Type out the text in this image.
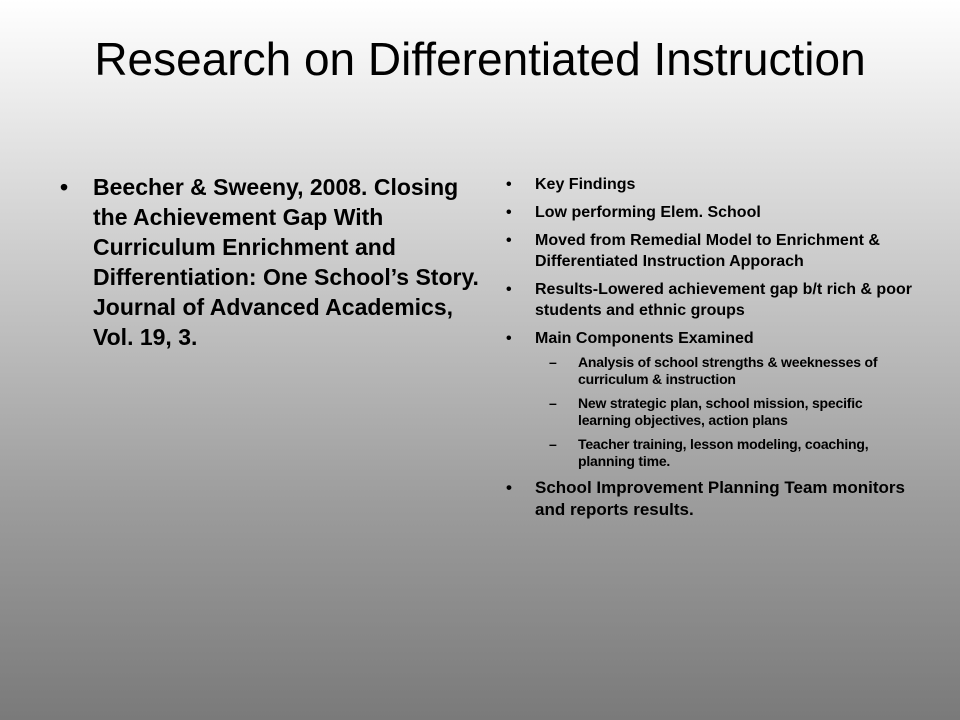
Research on Differentiated Instruction
• Beecher & Sweeny, 2008. Closing the Achievement Gap With Curriculum Enrichment and Differentiation: One School’s Story. Journal of Advanced Academics, Vol. 19, 3.
• Key Findings
• Low performing Elem. School
• Moved from Remedial Model to Enrichment & Differentiated Instruction Apporach
• Results-Lowered achievement gap b/t rich & poor students and ethnic groups
• Main Components Examined
– Analysis of school strengths & weeknesses of curriculum & instruction
– New strategic plan, school mission, specific learning objectives, action plans
– Teacher training, lesson modeling, coaching, planning time.
• School Improvement Planning Team monitors and reports results.
